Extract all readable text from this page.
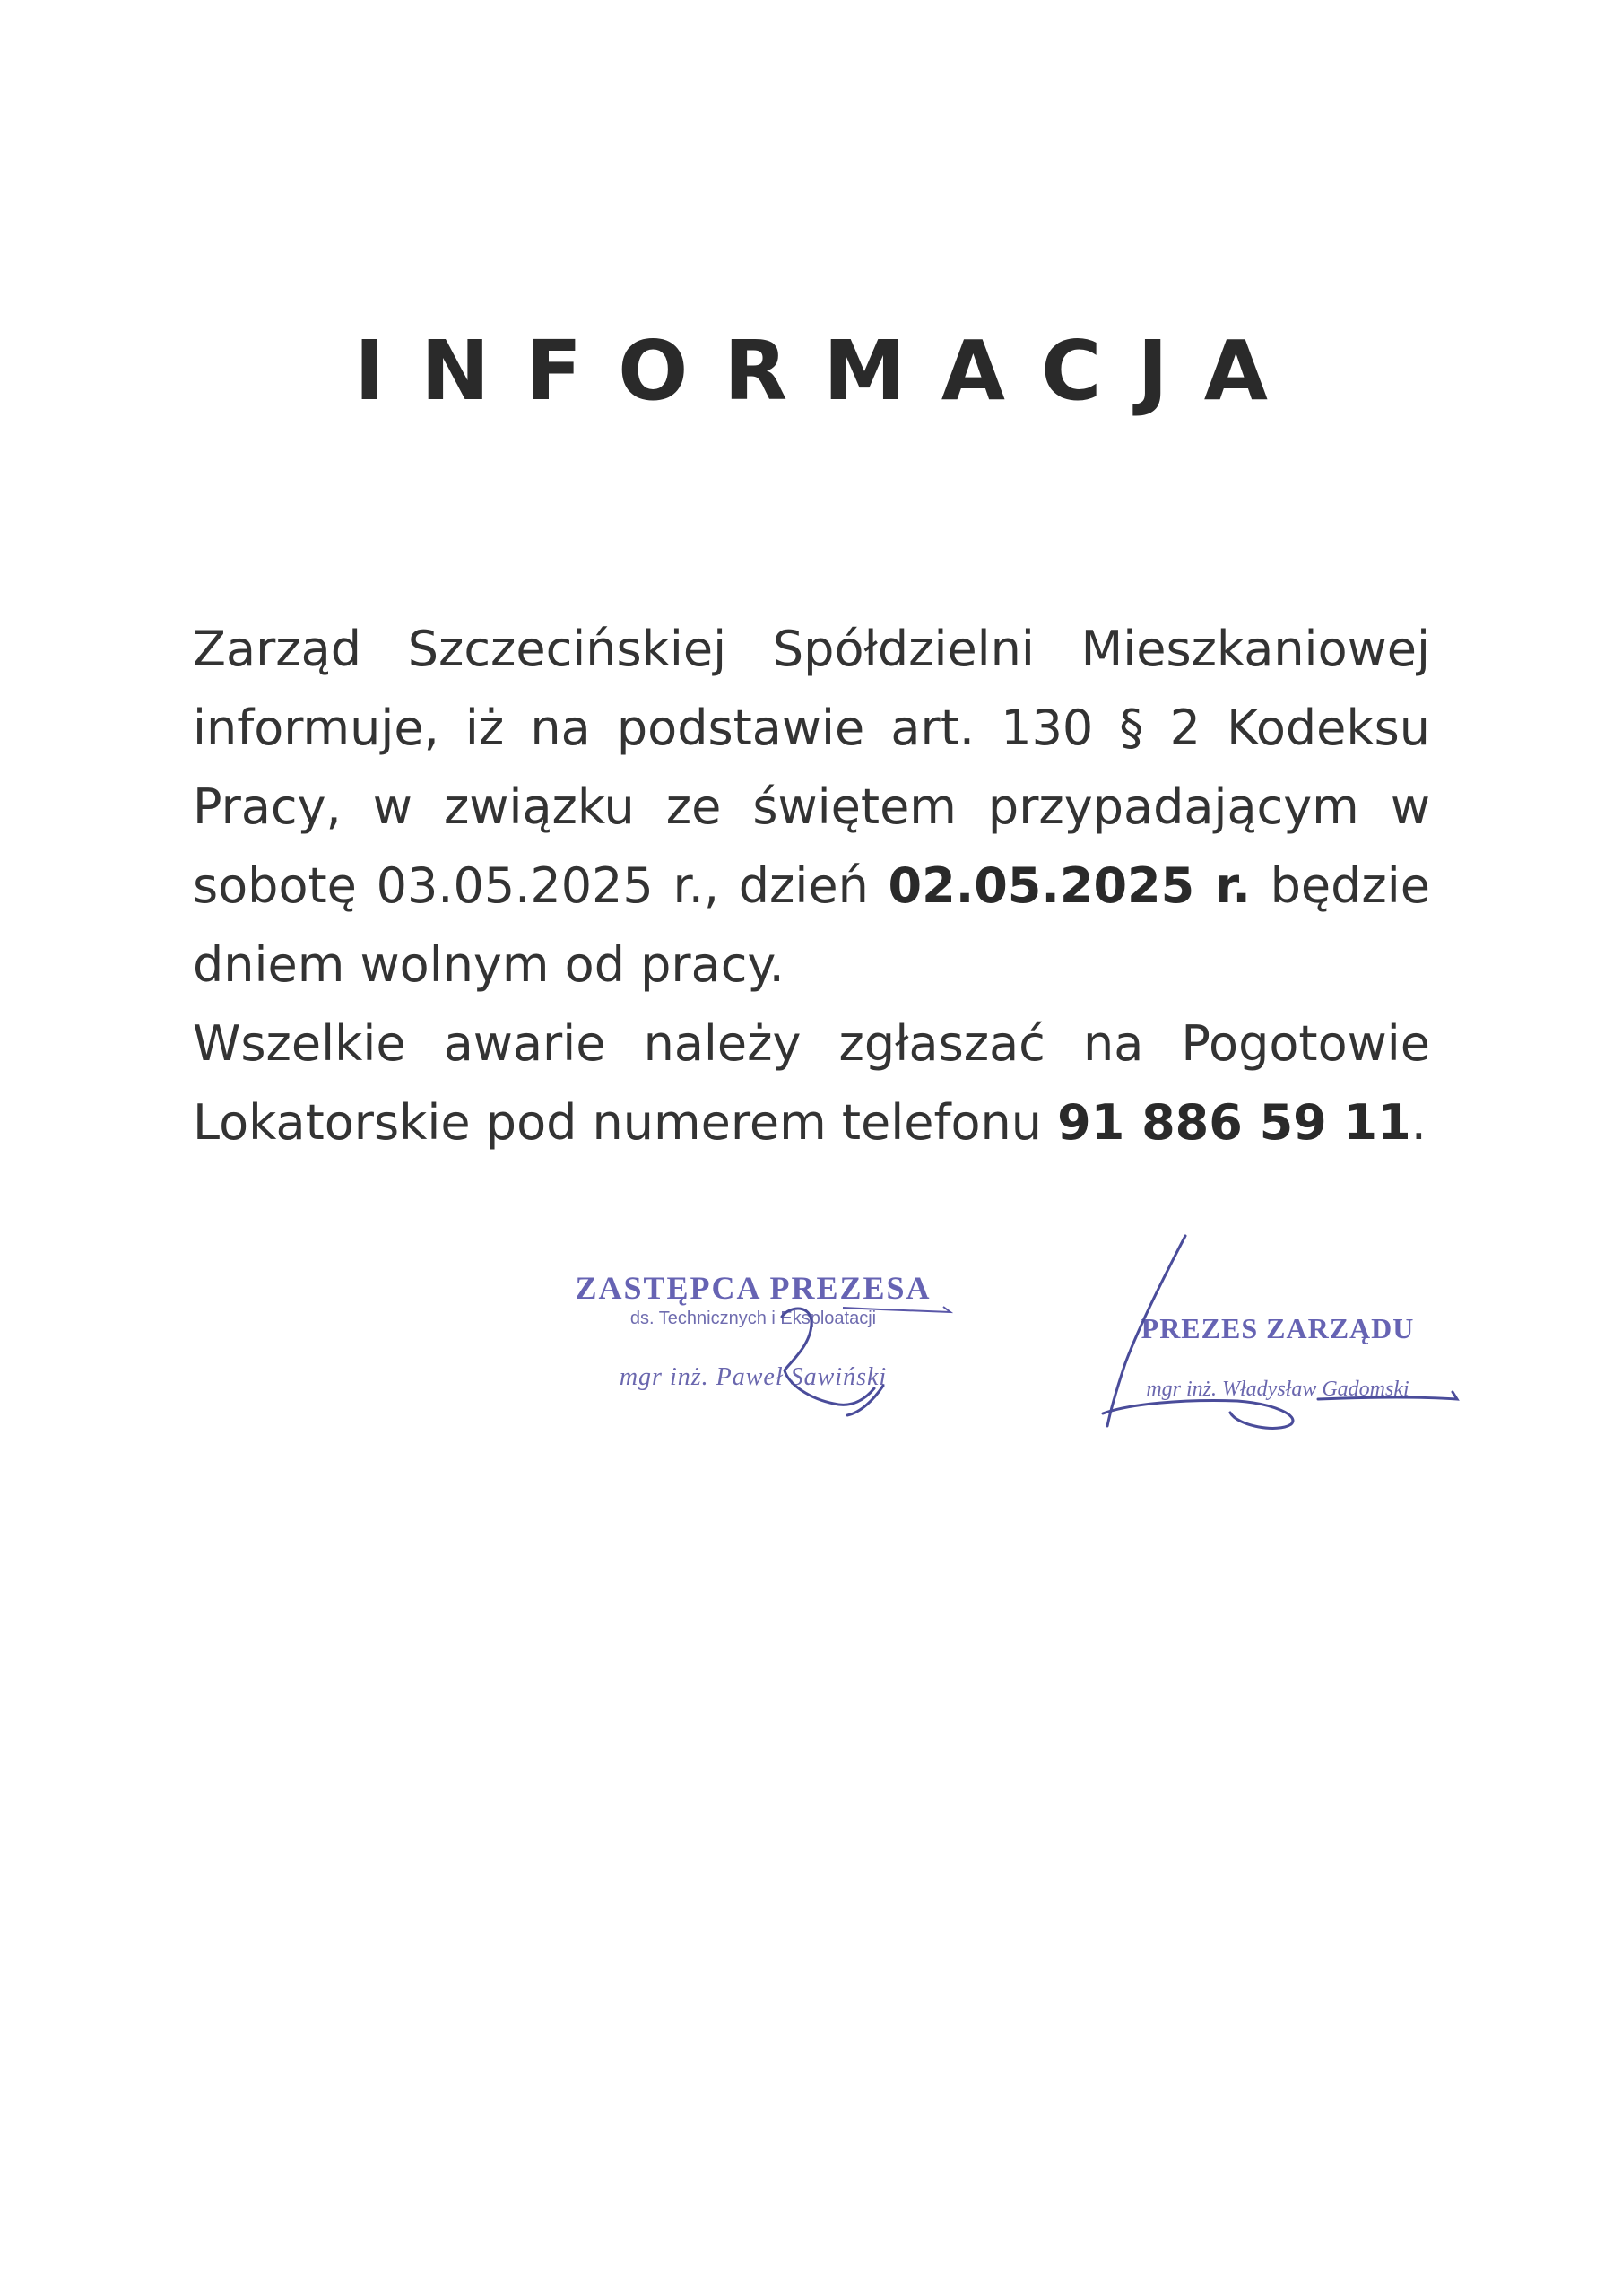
INFORMACJA

Zarząd Szczecińskiej Spółdzielni Mieszkaniowej informuje, iż na podstawie art. 130 § 2 Kodeksu Pracy, w związku ze świętem przypadającym w sobotę 03.05.2025 r., dzień 02.05.2025 r. będzie dniem wolnym od pracy.

Wszelkie awarie należy zgłaszać na Pogotowie Lokatorskie pod numerem telefonu 91 886 59 11.

ZASTĘPCA PREZESA
ds. Technicznych i Eksploatacji
mgr inż. Paweł Sawiński
PREZES ZARZĄDU
mgr inż. Władysław Gadomski
